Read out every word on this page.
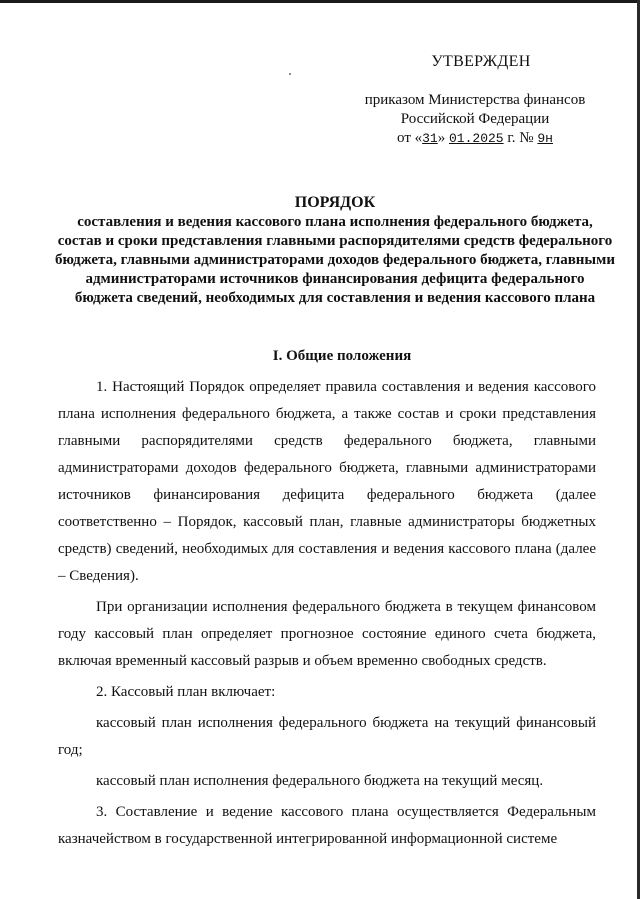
УТВЕРЖДЕН
приказом Министерства финансов
Российской Федерации
от «31» 01.2025 г. № 9н
ПОРЯДОК
составления и ведения кассового плана исполнения федерального бюджета, состав и сроки представления главными распорядителями средств федерального бюджета, главными администраторами доходов федерального бюджета, главными администраторами источников финансирования дефицита федерального бюджета сведений, необходимых для составления и ведения кассового плана
I. Общие положения

1. Настоящий Порядок определяет правила составления и ведения кассового плана исполнения федерального бюджета, а также состав и сроки представления главными распорядителями средств федерального бюджета, главными администраторами доходов федерального бюджета, главными администраторами источников финансирования дефицита федерального бюджета (далее соответственно – Порядок, кассовый план, главные администраторы бюджетных средств) сведений, необходимых для составления и ведения кассового плана (далее – Сведения).

При организации исполнения федерального бюджета в текущем финансовом году кассовый план определяет прогнозное состояние единого счета бюджета, включая временный кассовый разрыв и объем временно свободных средств.

2. Кассовый план включает:

кассовый план исполнения федерального бюджета на текущий финансовый год;

кассовый план исполнения федерального бюджета на текущий месяц.

3. Составление и ведение кассового плана осуществляется Федеральным казначейством в государственной интегрированной информационной системе
